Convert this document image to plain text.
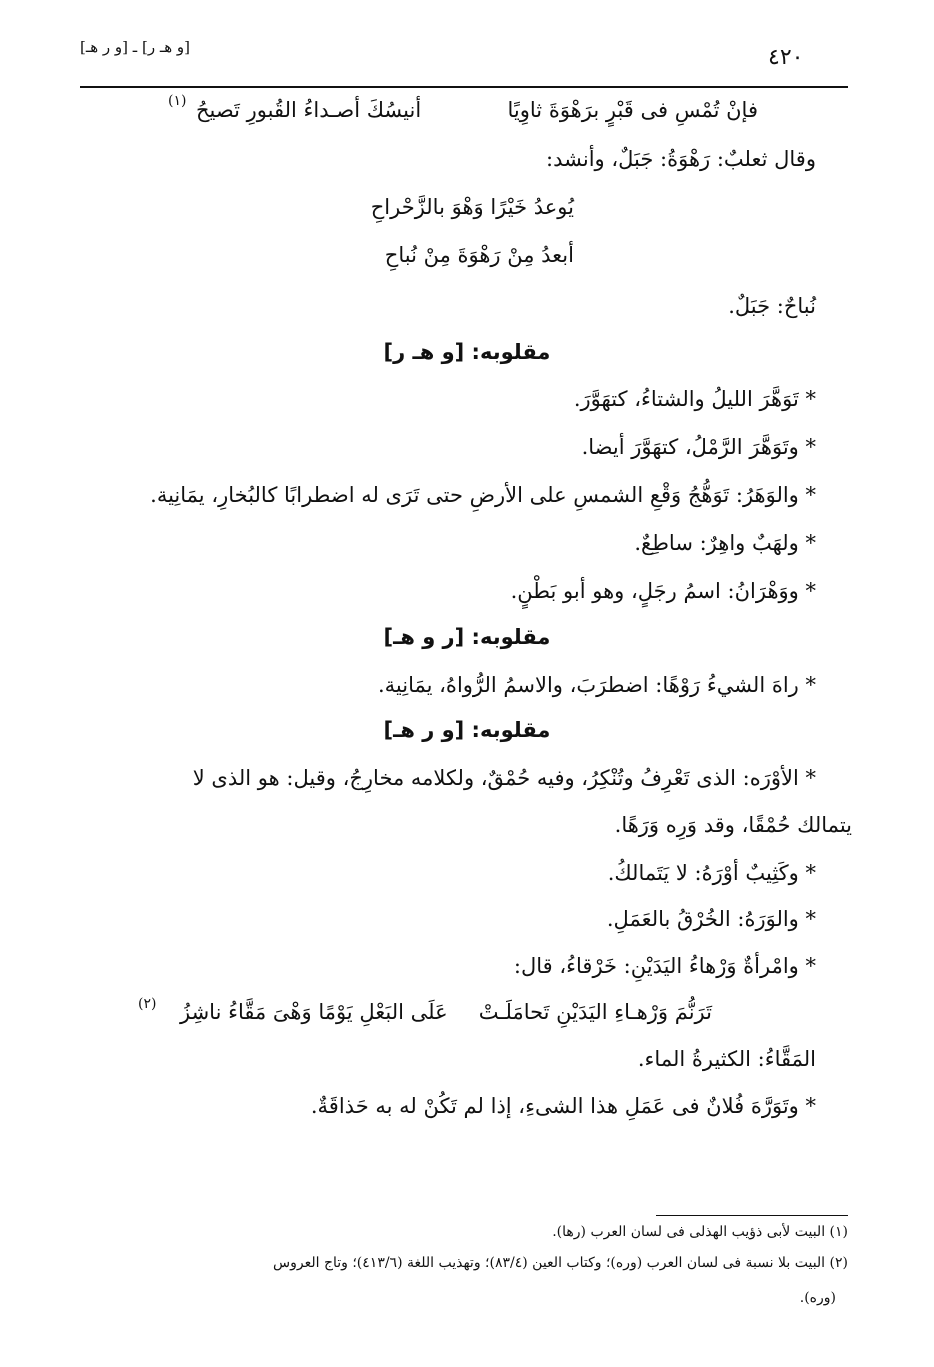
[و هـ ر] ـ [و ر هـ]	٤٢٠
فإنْ تُمْسِ فى قَبْرٍ برَهْوَةَ ثاوِيًا
أنيسُكَ أصـداءُ القُبورِ تَصيحُ
(١)
وقال ثعلبٌ: رَهْوَةُ: جَبَلٌ، وأنشد:
يُوعدُ خَيْرًا وَهْوَ بالزَّحْراحِ
أبعدُ مِنْ رَهْوَةَ مِنْ نُباحِ
نُباحٌ: جَبَلٌ.
مقلوبه: [و هـ ر]
* تَوَهَّرَ الليلُ والشتاءُ، كتهَوَّرَ.
* وتَوَهَّرَ الرَّمْلُ، كتهَوَّرَ أيضا.
* والوَهَرُ: تَوَهُّجُ وَقْعِ الشمسِ على الأرضِ حتى تَرَى له اضطرابًا كالبُخارِ، يمَانِية.
* ولهَبٌ واهِرٌ: ساطِعٌ.
* ووَهْرَانُ: اسمُ رجَلٍ، وهو أبو بَطْنٍ.
مقلوبه: [ر و هـ]
* راهَ الشيءُ رَوْهًا: اضطرَبَ، والاسمُ الرُّواهُ، يمَانِية.
مقلوبه: [و ر هـ]
* الأوْرَه: الذى تَعْرِفُ وتُنْكِرُ، وفيه حُمْقٌ، ولكلامه مخارِجُ، وقيل: هو الذى لا
يتمالك حُمْقًا، وقد وَرِه وَرَهًا.
* وكَثِيبٌ أوْرَهُ: لا يَتَمالكُ.
* والوَرَهُ: الخُرْقُ بالعَمَلِ.
* وامْرأةٌ وَرْهاءُ اليَدَيْنِ: خَرْقاءُ، قال:
تَرَنُّمَ وَرْهـاءِ اليَدَيْنِ تَحامَلَـتْ
عَلَى البَعْلِ يَوْمًا وَهْىَ مَقَّاءُ ناشِزُ
(٢)
المَقَّاءُ: الكثيرةُ الماء.
* وتَوَرَّهَ فُلانٌ فى عَمَلِ هذا الشىءِ، إذا لم تَكُنْ له به حَذاقَةٌ.
(١) البيت لأبى ذؤيب الهذلى فى لسان العرب (رها).
(٢) البيت بلا نسبة فى لسان العرب (وره)؛ وكتاب العين (٨٣/٤)؛ وتهذيب اللغة (٤١٣/٦)؛ وتاج العروس
(وره).
